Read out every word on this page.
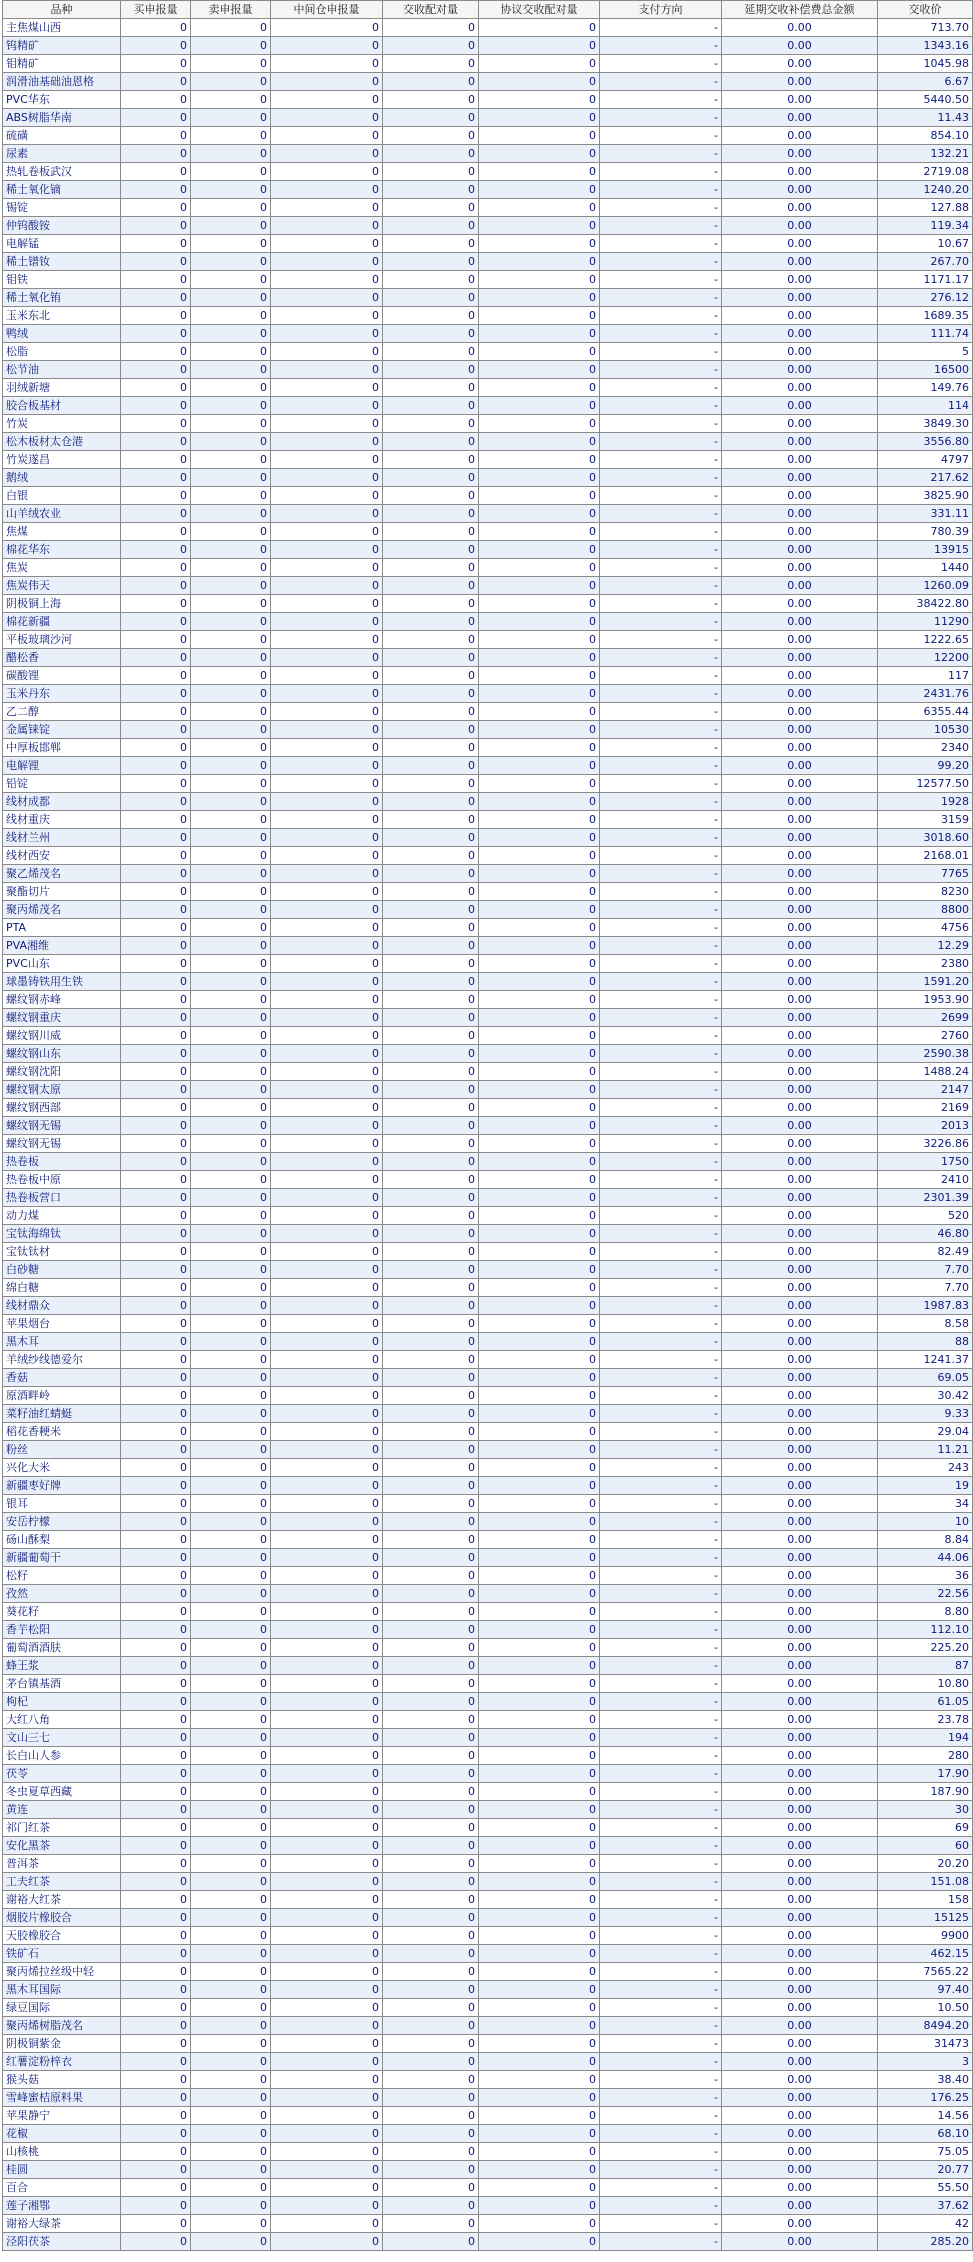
品种	买申报量	卖申报量	中间仓申报量	交收配对量	协议交收配对量	支付方向	延期交收补偿费总金额	交收价
主焦煤山西	0	0	0	0	0	-	0.00	713.70
钨精矿	0	0	0	0	0	-	0.00	1343.16
钼精矿	0	0	0	0	0	-	0.00	1045.98
润滑油基础油恩格	0	0	0	0	0	-	0.00	6.67
PVC华东	0	0	0	0	0	-	0.00	5440.50
ABS树脂华南	0	0	0	0	0	-	0.00	11.43
硫磺	0	0	0	0	0	-	0.00	854.10
尿素	0	0	0	0	0	-	0.00	132.21
热轧卷板武汉	0	0	0	0	0	-	0.00	2719.08
稀土氧化镝	0	0	0	0	0	-	0.00	1240.20
锡锭	0	0	0	0	0	-	0.00	127.88
仲钨酸铵	0	0	0	0	0	-	0.00	119.34
电解锰	0	0	0	0	0	-	0.00	10.67
稀土镨钕	0	0	0	0	0	-	0.00	267.70
钼铁	0	0	0	0	0	-	0.00	1171.17
稀土氧化铕	0	0	0	0	0	-	0.00	276.12
玉米东北	0	0	0	0	0	-	0.00	1689.35
鸭绒	0	0	0	0	0	-	0.00	111.74
松脂	0	0	0	0	0	-	0.00	5
松节油	0	0	0	0	0	-	0.00	16500
羽绒新塘	0	0	0	0	0	-	0.00	149.76
胶合板基材	0	0	0	0	0	-	0.00	114
竹炭	0	0	0	0	0	-	0.00	3849.30
松木板材太仓港	0	0	0	0	0	-	0.00	3556.80
竹炭遂昌	0	0	0	0	0	-	0.00	4797
鹅绒	0	0	0	0	0	-	0.00	217.62
白银	0	0	0	0	0	-	0.00	3825.90
山羊绒农业	0	0	0	0	0	-	0.00	331.11
焦煤	0	0	0	0	0	-	0.00	780.39
棉花华东	0	0	0	0	0	-	0.00	13915
焦炭	0	0	0	0	0	-	0.00	1440
焦炭伟天	0	0	0	0	0	-	0.00	1260.09
阴极铜上海	0	0	0	0	0	-	0.00	38422.80
棉花新疆	0	0	0	0	0	-	0.00	11290
平板玻璃沙河	0	0	0	0	0	-	0.00	1222.65
醋松香	0	0	0	0	0	-	0.00	12200
碳酸锂	0	0	0	0	0	-	0.00	117
玉米丹东	0	0	0	0	0	-	0.00	2431.76
乙二醇	0	0	0	0	0	-	0.00	6355.44
金属铼锭	0	0	0	0	0	-	0.00	10530
中厚板邯郸	0	0	0	0	0	-	0.00	2340
电解锂	0	0	0	0	0	-	0.00	99.20
铅锭	0	0	0	0	0	-	0.00	12577.50
线材成都	0	0	0	0	0	-	0.00	1928
线材重庆	0	0	0	0	0	-	0.00	3159
线材兰州	0	0	0	0	0	-	0.00	3018.60
线材西安	0	0	0	0	0	-	0.00	2168.01
聚乙烯茂名	0	0	0	0	0	-	0.00	7765
聚酯切片	0	0	0	0	0	-	0.00	8230
聚丙烯茂名	0	0	0	0	0	-	0.00	8800
PTA	0	0	0	0	0	-	0.00	4756
PVA湘维	0	0	0	0	0	-	0.00	12.29
PVC山东	0	0	0	0	0	-	0.00	2380
球墨铸铁用生铁	0	0	0	0	0	-	0.00	1591.20
螺纹钢赤峰	0	0	0	0	0	-	0.00	1953.90
螺纹钢重庆	0	0	0	0	0	-	0.00	2699
螺纹钢川威	0	0	0	0	0	-	0.00	2760
螺纹钢山东	0	0	0	0	0	-	0.00	2590.38
螺纹钢沈阳	0	0	0	0	0	-	0.00	1488.24
螺纹钢太原	0	0	0	0	0	-	0.00	2147
螺纹钢西部	0	0	0	0	0	-	0.00	2169
螺纹钢无锡	0	0	0	0	0	-	0.00	2013
螺纹钢无锡	0	0	0	0	0	-	0.00	3226.86
热卷板	0	0	0	0	0	-	0.00	1750
热卷板中原	0	0	0	0	0	-	0.00	2410
热卷板营口	0	0	0	0	0	-	0.00	2301.39
动力煤	0	0	0	0	0	-	0.00	520
宝钛海绵钛	0	0	0	0	0	-	0.00	46.80
宝钛钛材	0	0	0	0	0	-	0.00	82.49
白砂糖	0	0	0	0	0	-	0.00	7.70
绵白糖	0	0	0	0	0	-	0.00	7.70
线材鼎众	0	0	0	0	0	-	0.00	1987.83
苹果烟台	0	0	0	0	0	-	0.00	8.58
黑木耳	0	0	0	0	0	-	0.00	88
羊绒纱线德爱尔	0	0	0	0	0	-	0.00	1241.37
香菇	0	0	0	0	0	-	0.00	69.05
原酒畔岭	0	0	0	0	0	-	0.00	30.42
菜籽油红蜻蜓	0	0	0	0	0	-	0.00	9.33
稻花香粳米	0	0	0	0	0	-	0.00	29.04
粉丝	0	0	0	0	0	-	0.00	11.21
兴化大米	0	0	0	0	0	-	0.00	243
新疆枣好牌	0	0	0	0	0	-	0.00	19
银耳	0	0	0	0	0	-	0.00	34
安岳柠檬	0	0	0	0	0	-	0.00	10
砀山酥梨	0	0	0	0	0	-	0.00	8.84
新疆葡萄干	0	0	0	0	0	-	0.00	44.06
松籽	0	0	0	0	0	-	0.00	36
孜然	0	0	0	0	0	-	0.00	22.56
葵花籽	0	0	0	0	0	-	0.00	8.80
香芋松阳	0	0	0	0	0	-	0.00	112.10
葡萄酒酒肤	0	0	0	0	0	-	0.00	225.20
蜂王浆	0	0	0	0	0	-	0.00	87
茅台镇基酒	0	0	0	0	0	-	0.00	10.80
枸杞	0	0	0	0	0	-	0.00	61.05
大红八角	0	0	0	0	0	-	0.00	23.78
文山三七	0	0	0	0	0	-	0.00	194
长白山人参	0	0	0	0	0	-	0.00	280
茯苓	0	0	0	0	0	-	0.00	17.90
冬虫夏草西藏	0	0	0	0	0	-	0.00	187.90
黄连	0	0	0	0	0	-	0.00	30
祁门红茶	0	0	0	0	0	-	0.00	69
安化黑茶	0	0	0	0	0	-	0.00	60
普洱茶	0	0	0	0	0	-	0.00	20.20
工夫红茶	0	0	0	0	0	-	0.00	151.08
谢裕大红茶	0	0	0	0	0	-	0.00	158
烟胶片橡胶合	0	0	0	0	0	-	0.00	15125
天胶橡胶合	0	0	0	0	0	-	0.00	9900
铁矿石	0	0	0	0	0	-	0.00	462.15
聚丙烯拉丝级中轻	0	0	0	0	0	-	0.00	7565.22
黑木耳国际	0	0	0	0	0	-	0.00	97.40
绿豆国际	0	0	0	0	0	-	0.00	10.50
聚丙烯树脂茂名	0	0	0	0	0	-	0.00	8494.20
阴极铜紫金	0	0	0	0	0	-	0.00	31473
红薯淀粉梓衣	0	0	0	0	0	-	0.00	3
猴头菇	0	0	0	0	0	-	0.00	38.40
雪峰蜜桔原料果	0	0	0	0	0	-	0.00	176.25
苹果静宁	0	0	0	0	0	-	0.00	14.56
花椒	0	0	0	0	0	-	0.00	68.10
山核桃	0	0	0	0	0	-	0.00	75.05
桂圆	0	0	0	0	0	-	0.00	20.77
百合	0	0	0	0	0	-	0.00	55.50
莲子湘鄂	0	0	0	0	0	-	0.00	37.62
谢裕大绿茶	0	0	0	0	0	-	0.00	42
泾阳茯茶	0	0	0	0	0	-	0.00	285.20
